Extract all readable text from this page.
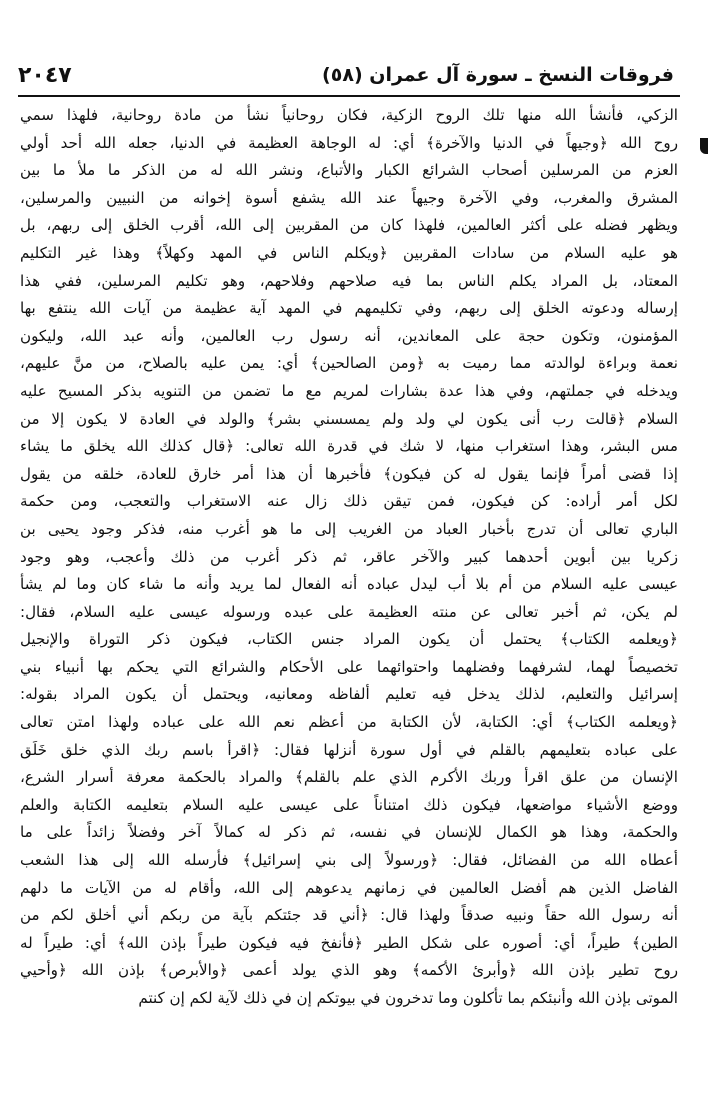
٢٠٤٧	فروقات النسخ ـ سورة آل عمران (٥٨)
الزكي، فأنشأ الله منها تلك الروح الزكية، فكان روحانياً نشأ من مادة روحانية، فلهذا سمي
روح الله ﴿وجيهاً في الدنيا والآخرة﴾ أي: له الوجاهة العظيمة في الدنيا، جعله الله أحد أولي
العزم من المرسلين أصحاب الشرائع الكبار والأتباع، ونشر الله له من الذكر ما ملأ ما بين
المشرق والمغرب، وفي الآخرة وجيهاً عند الله يشفع أسوة إخوانه من النبيين والمرسلين،
ويظهر فضله على أكثر العالمين، فلهذا كان من المقربين إلى الله، أقرب الخلق إلى ربهم، بل
هو عليه السلام من سادات المقربين ﴿ويكلم الناس في المهد وكهلاً﴾ وهذا غير التكليم
المعتاد، بل المراد يكلم الناس بما فيه صلاحهم وفلاحهم، وهو تكليم المرسلين، ففي هذا
إرساله ودعوته الخلق إلى ربهم، وفي تكليمهم في المهد آية عظيمة من آيات الله ينتفع بها
المؤمنون، وتكون حجة على المعاندين، أنه رسول رب العالمين، وأنه عبد الله، وليكون
نعمة وبراءة لوالدته مما رميت به ﴿ومن الصالحين﴾ أي: يمن عليه بالصلاح، من منَّ عليهم،
ويدخله في جملتهم، وفي هذا عدة بشارات لمريم مع ما تضمن من التنويه بذكر المسيح عليه
السلام ﴿قالت رب أنى يكون لي ولد ولم يمسسني بشر﴾ والولد في العادة لا يكون إلا من
مس البشر، وهذا استغراب منها، لا شك في قدرة الله تعالى: ﴿قال كذلك الله يخلق ما يشاء
إذا قضى أمراً فإنما يقول له كن فيكون﴾ فأخبرها أن هذا أمر خارق للعادة، خلقه من يقول
لكل أمر أراده: كن فيكون، فمن تيقن ذلك زال عنه الاستغراب والتعجب، ومن حكمة
الباري تعالى أن تدرج بأخبار العباد من الغريب إلى ما هو أغرب منه، فذكر وجود يحيى بن
زكريا بين أبوين أحدهما كبير والآخر عاقر، ثم ذكر أغرب من ذلك وأعجب، وهو وجود
عيسى عليه السلام من أم بلا أب ليدل عباده أنه الفعال لما يريد وأنه ما شاء كان وما لم يشأ
لم يكن، ثم أخبر تعالى عن منته العظيمة على عبده ورسوله عيسى عليه السلام، فقال:
﴿ويعلمه الكتاب﴾ يحتمل أن يكون المراد جنس الكتاب، فيكون ذكر التوراة والإنجيل
تخصيصاً لهما، لشرفهما وفضلهما واحتوائهما على الأحكام والشرائع التي يحكم بها أنبياء بني
إسرائيل والتعليم، لذلك يدخل فيه تعليم ألفاظه ومعانيه، ويحتمل أن يكون المراد بقوله:
﴿ويعلمه الكتاب﴾ أي: الكتابة، لأن الكتابة من أعظم نعم الله على عباده ولهذا امتن تعالى
على عباده بتعليمهم بالقلم في أول سورة أنزلها فقال: ﴿اقرأ باسم ربك الذي خلق خَلَق
الإنسان من علق اقرأ وربك الأكرم الذي علم بالقلم﴾ والمراد بالحكمة معرفة أسرار الشرع،
ووضع الأشياء مواضعها، فيكون ذلك امتناناً على عيسى عليه السلام بتعليمه الكتابة والعلم
والحكمة، وهذا هو الكمال للإنسان في نفسه، ثم ذكر له كمالاً آخر وفضلاً زائداً على ما
أعطاه الله من الفضائل، فقال: ﴿ورسولاً إلى بني إسرائيل﴾ فأرسله الله إلى هذا الشعب
الفاضل الذين هم أفضل العالمين في زمانهم يدعوهم إلى الله، وأقام له من الآيات ما دلهم
أنه رسول الله حقاً ونبيه صدقاً ولهذا قال: ﴿أني قد جئتكم بآية من ربكم أني أخلق لكم من
الطين﴾ طيراً، أي: أصوره على شكل الطير ﴿فأنفخ فيه فيكون طيراً بإذن الله﴾ أي: طيراً له
روح تطير بإذن الله ﴿وأبرئ الأكمه﴾ وهو الذي يولد أعمى ﴿والأبرص﴾ بإذن الله ﴿وأحيي
الموتى بإذن الله وأنبئكم بما تأكلون وما تدخرون في بيوتكم إن في ذلك لآية لكم إن كنتم
